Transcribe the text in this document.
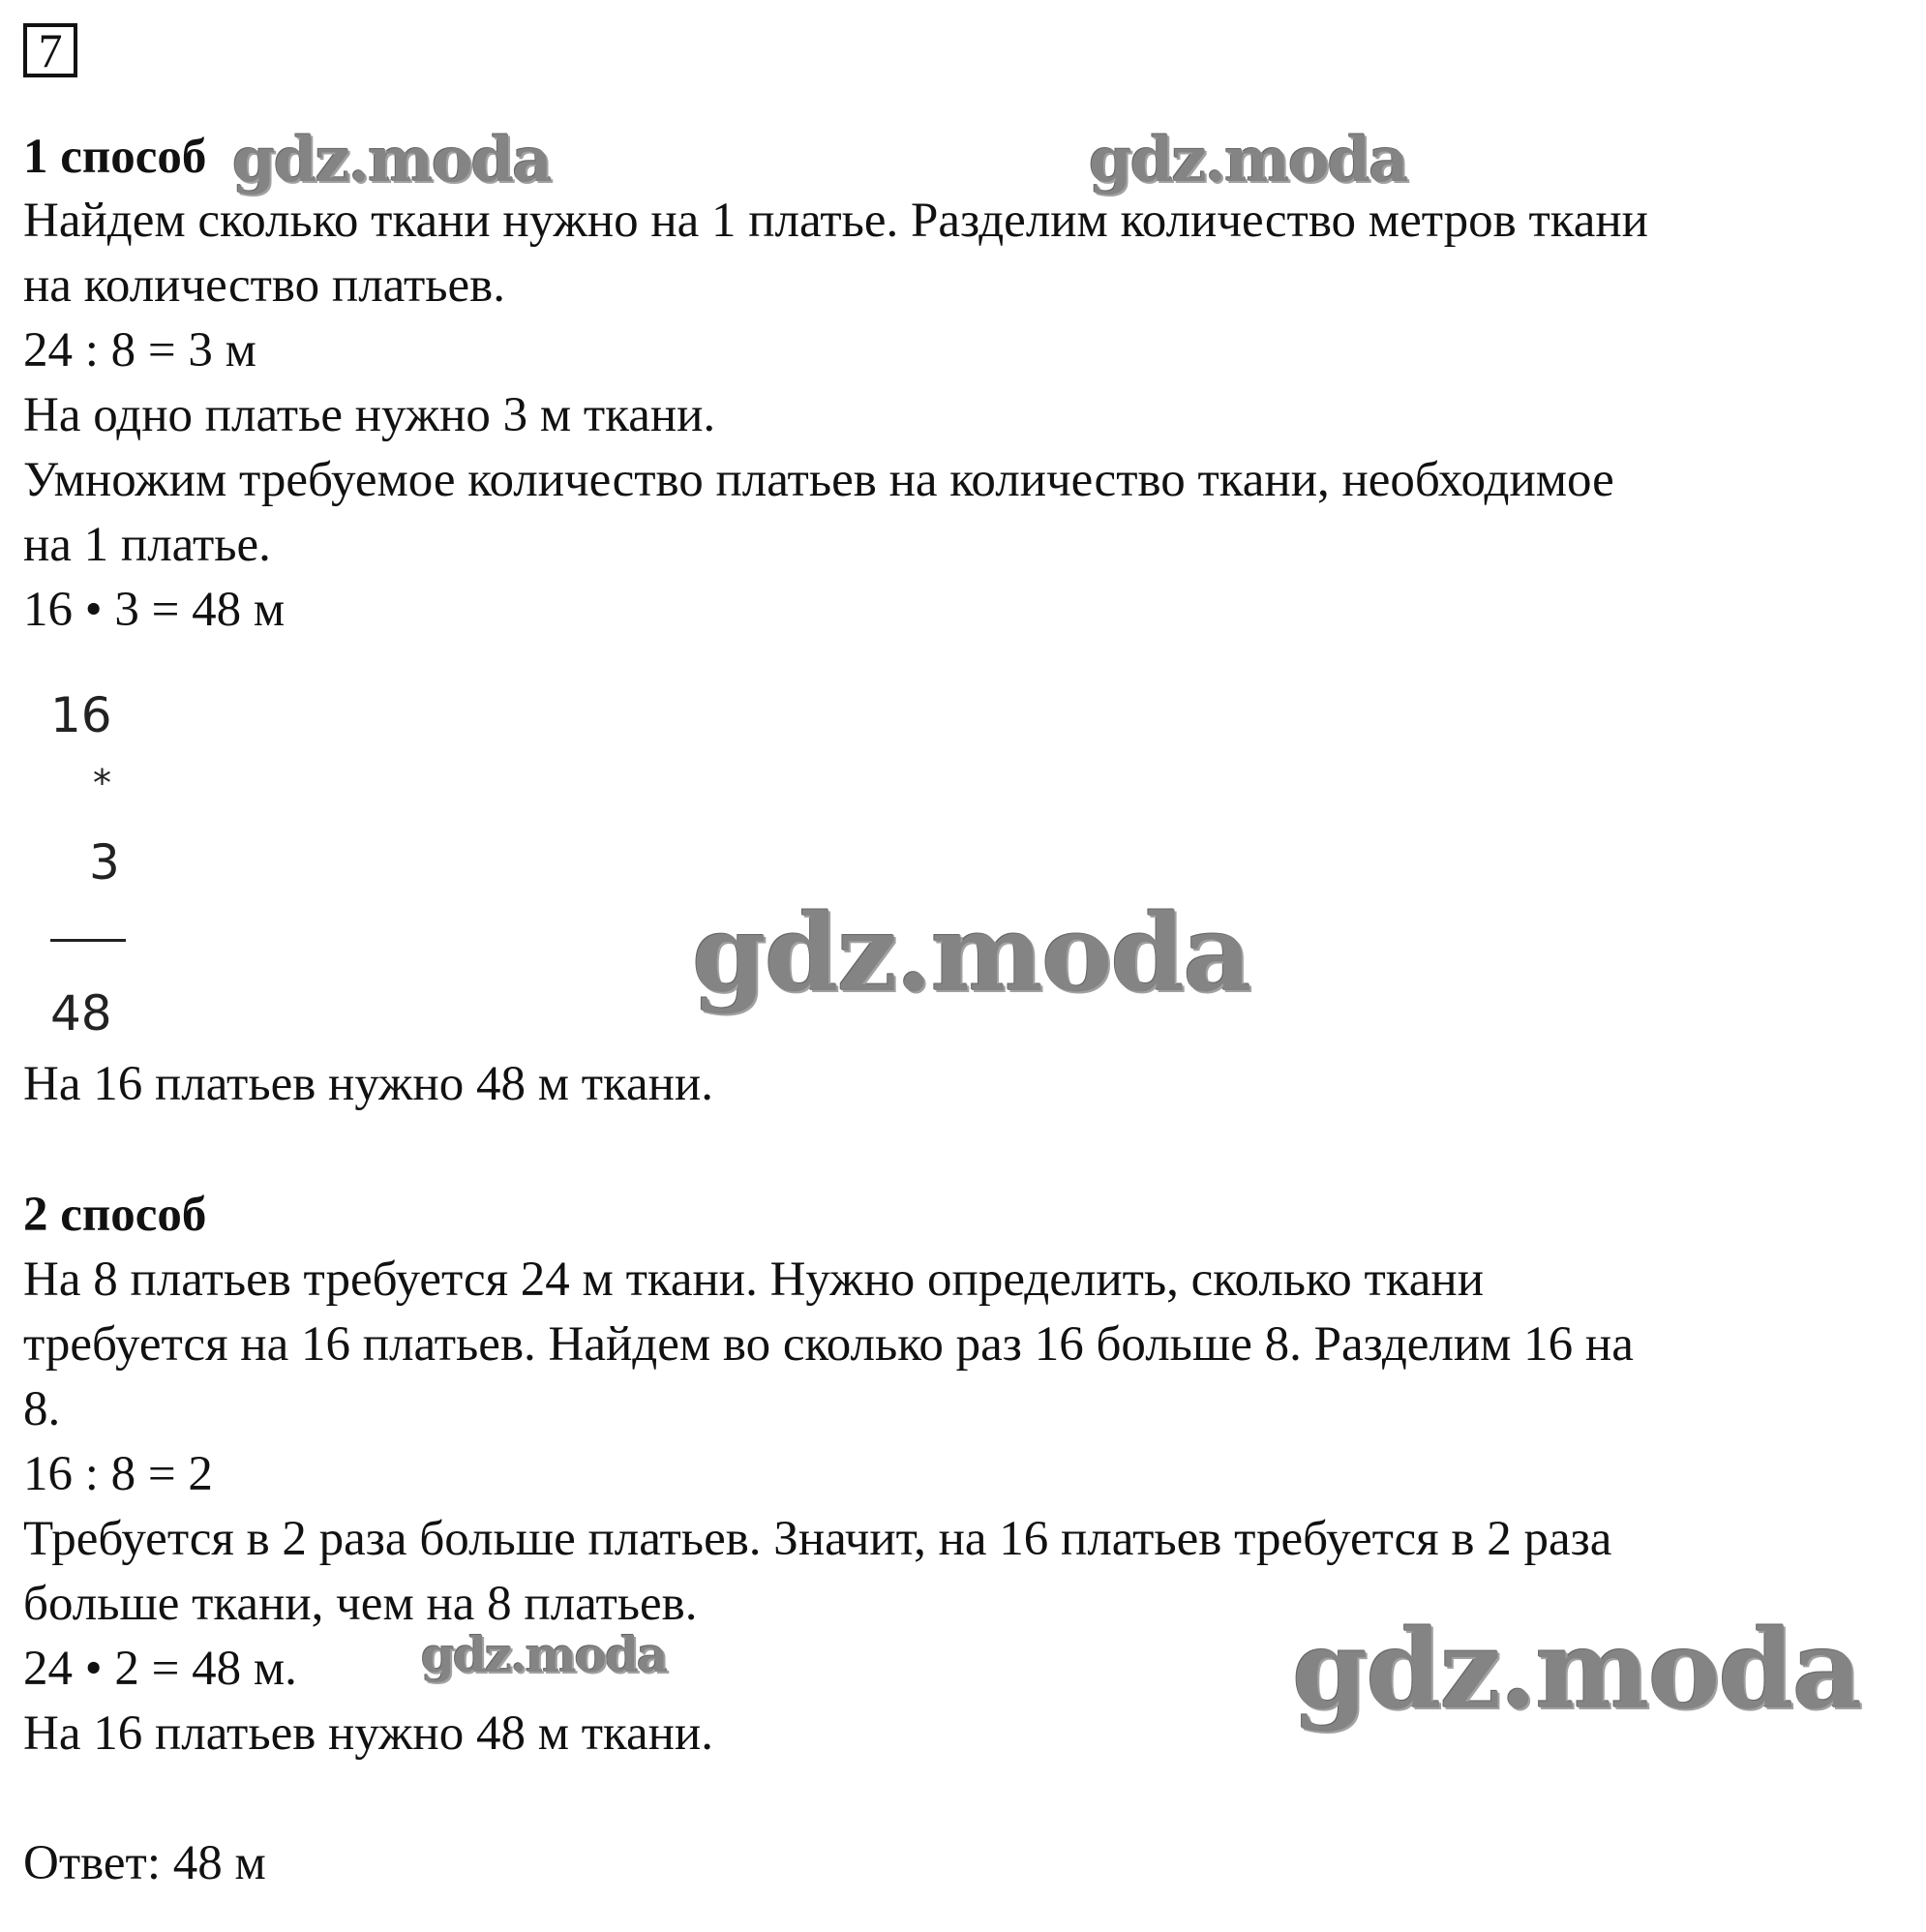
7
1 способ
Найдем сколько ткани нужно на 1 платье. Разделим количество метров ткани
на количество платьев.
24 : 8 = 3 м
На одно платье нужно 3 м ткани.
Умножим требуемое количество платьев на количество ткани, необходимое
на 1 платье.
16 • 3 = 48 м
16
*
3
48
На 16 платьев нужно 48 м ткани.
2 способ
На 8 платьев требуется 24 м ткани. Нужно определить, сколько ткани
требуется на 16 платьев. Найдем во сколько раз 16 больше 8. Разделим 16 на
8.
16 : 8 = 2
Требуется в 2 раза больше платьев. Значит, на 16 платьев требуется в 2 раза
больше ткани, чем на 8 платьев.
24 • 2 = 48 м.
На 16 платьев нужно 48 м ткани.
Ответ: 48 м
gdz.moda	gdz.moda
gdz.moda
gdz.moda	gdz.moda
